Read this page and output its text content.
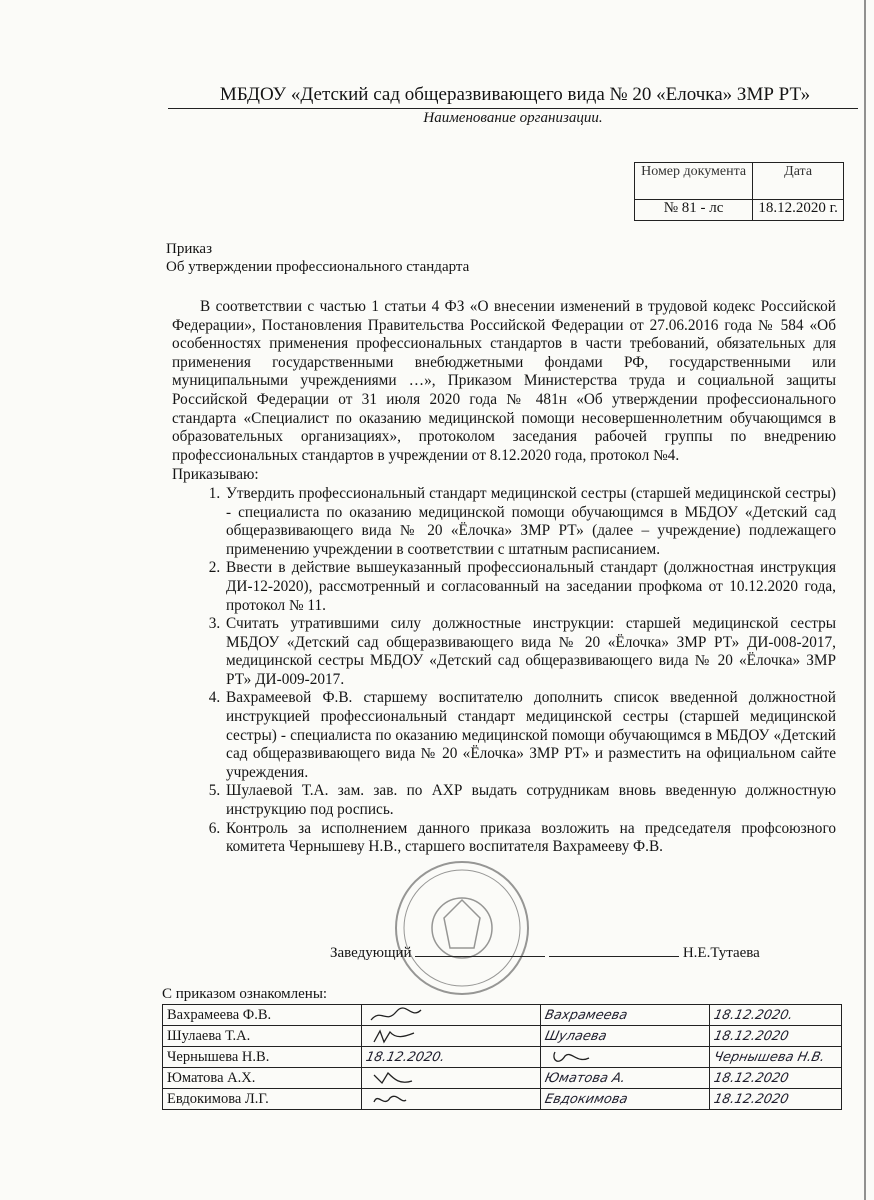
МБДОУ «Детский сад общеразвивающего вида № 20 «Елочка» ЗМР РТ»
Наименование организации.
Номер документа	Дата
№ 81 - лс	18.12.2020 г.
Приказ
Об утверждении профессионального стандарта

В соответствии с частью 1 статьи 4 ФЗ «О внесении изменений в трудовой кодекс Российской Федерации», Постановления Правительства Российской Федерации от 27.06.2016 года № 584 «Об особенностях применения профессиональных стандартов в части требований, обязательных для применения государственными внебюджетными фондами РФ, государственными или муниципальными учреждениями …», Приказом Министерства труда и социальной защиты Российской Федерации от 31 июля 2020 года № 481н «Об утверждении профессионального стандарта «Специалист по оказанию медицинской помощи несовершеннолетним обучающимся в образовательных организациях», протоколом заседания рабочей группы по внедрению профессиональных стандартов в учреждении от 8.12.2020 года, протокол №4.

Приказываю:

1. Утвердить профессиональный стандарт медицинской сестры (старшей медицинской сестры) - специалиста по оказанию медицинской помощи обучающимся в МБДОУ «Детский сад общеразвивающего вида № 20 «Ёлочка» ЗМР РТ» (далее – учреждение) подлежащего применению учреждении в соответствии с штатным расписанием.
2. Ввести в действие вышеуказанный профессиональный стандарт (должностная инструкция ДИ-12-2020), рассмотренный и согласованный на заседании профкома от 10.12.2020 года, протокол № 11.
3. Считать утратившими силу должностные инструкции: старшей медицинской сестры МБДОУ «Детский сад общеразвивающего вида № 20 «Ёлочка» ЗМР РТ» ДИ-008-2017, медицинской сестры МБДОУ «Детский сад общеразвивающего вида № 20 «Ёлочка» ЗМР РТ» ДИ-009-2017.
4. Вахрамеевой Ф.В. старшему воспитателю дополнить список введенной должностной инструкцией профессиональный стандарт медицинской сестры (старшей медицинской сестры) - специалиста по оказанию медицинской помощи обучающимся в МБДОУ «Детский сад общеразвивающего вида № 20 «Ёлочка» ЗМР РТ» и разместить на официальном сайте учреждения.
5. Шулаевой Т.А. зам. зав. по АХР выдать сотрудникам вновь введенную должностную инструкцию под роспись.
6. Контроль за исполнением данного приказа возложить на председателя профсоюзного комитета Чернышеву Н.В., старшего воспитателя Вахрамееву Ф.В.
Заведующий	Н.Е.Тутаева
С приказом ознакомлены:
Вахрамеева Ф.В.		Вахрамеева	18.12.2020.
Шулаева Т.А.		Шулаева	18.12.2020
Чернышева Н.В.	18.12.2020.		Чернышева Н.В.
Юматова А.Х.		Юматова А.	18.12.2020
Евдокимова Л.Г.		Евдокимова	18.12.2020
